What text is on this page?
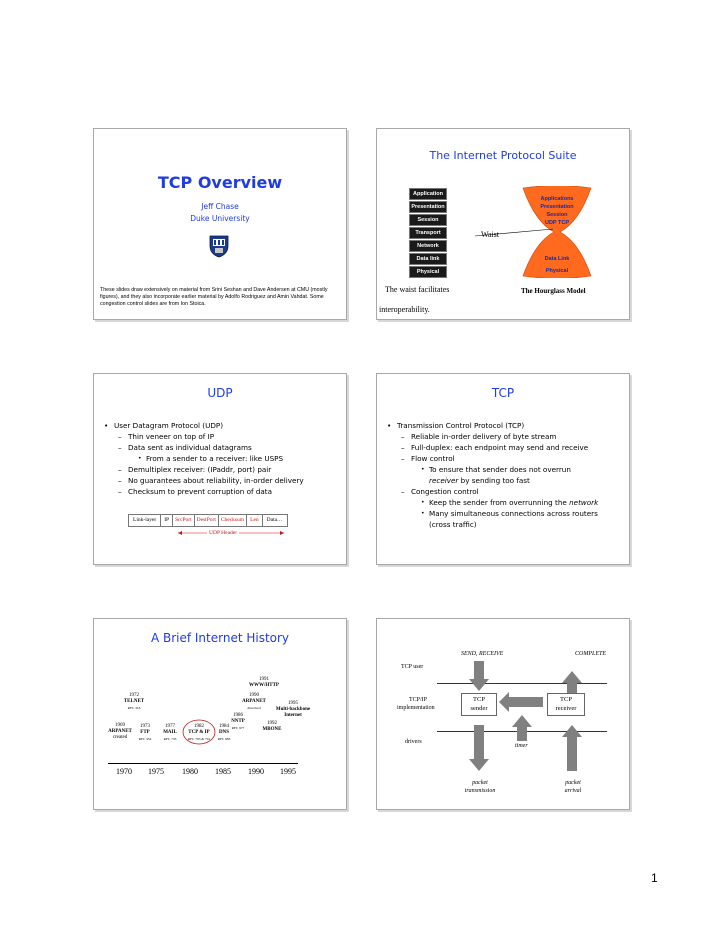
TCP Overview
Jeff Chase
Duke University
These slides draw extensively on material from Srini Seshan and Dave Andersen at CMU (mostly figures), and they also incorporate earlier material by Adolfo Rodriguez and Amin Vahdat. Some congestion control slides are from Ion Stoica.
The Internet Protocol Suite
Application
Presentation
Session
Transport
Network
Data link
Physical
Applications
Presentation
Session
UDP TCP
Data Link
Physical
Waist
The waist facilitates
interoperability.
The Hourglass Model
UDP
• User Datagram Protocol (UDP)
– Thin veneer on top of IP
– Data sent as individual datagrams
• From a sender to a receiver: like USPS
– Demultiplex receiver: (IPaddr, port) pair
– No guarantees about reliability, in-order delivery
– Checksum to prevent corruption of data
Link-layer	IP	SrcPort DestPort Checksum	Len	Data…
UDP Header
TCP
• Transmission Control Protocol (TCP)
– Reliable in-order delivery of byte stream
– Full-duplex: each endpoint may send and receive
– Flow control
• To ensure that sender does not overrun
receiver by sending too fast
– Congestion control
• Keep the sender from overrunning the network
• Many simultaneous connections across routers
(cross traffic)
A Brief Internet History
1969
ARPANET
created
1972
TELNET
RFC 318
1973
FTP
RFC 454
1977
MAIL
RFC 733
1982
TCP & IP
RFC 793 & 791
1984
DNS
RFC 883
1986
NNTP
RFC 977
1990
ARPANET
dissolved
1991
WWW/HTTP
1992
MBONE
1995
Multi-backbone
Internet
1970 1975 1980 1985 1990 1995
SEND, RECEIVE	COMPLETE
TCP user
TCP/IP
implementation
drivers
TCP
sender
TCP
receiver
timer
packet
transmission
packet
arrival
1
